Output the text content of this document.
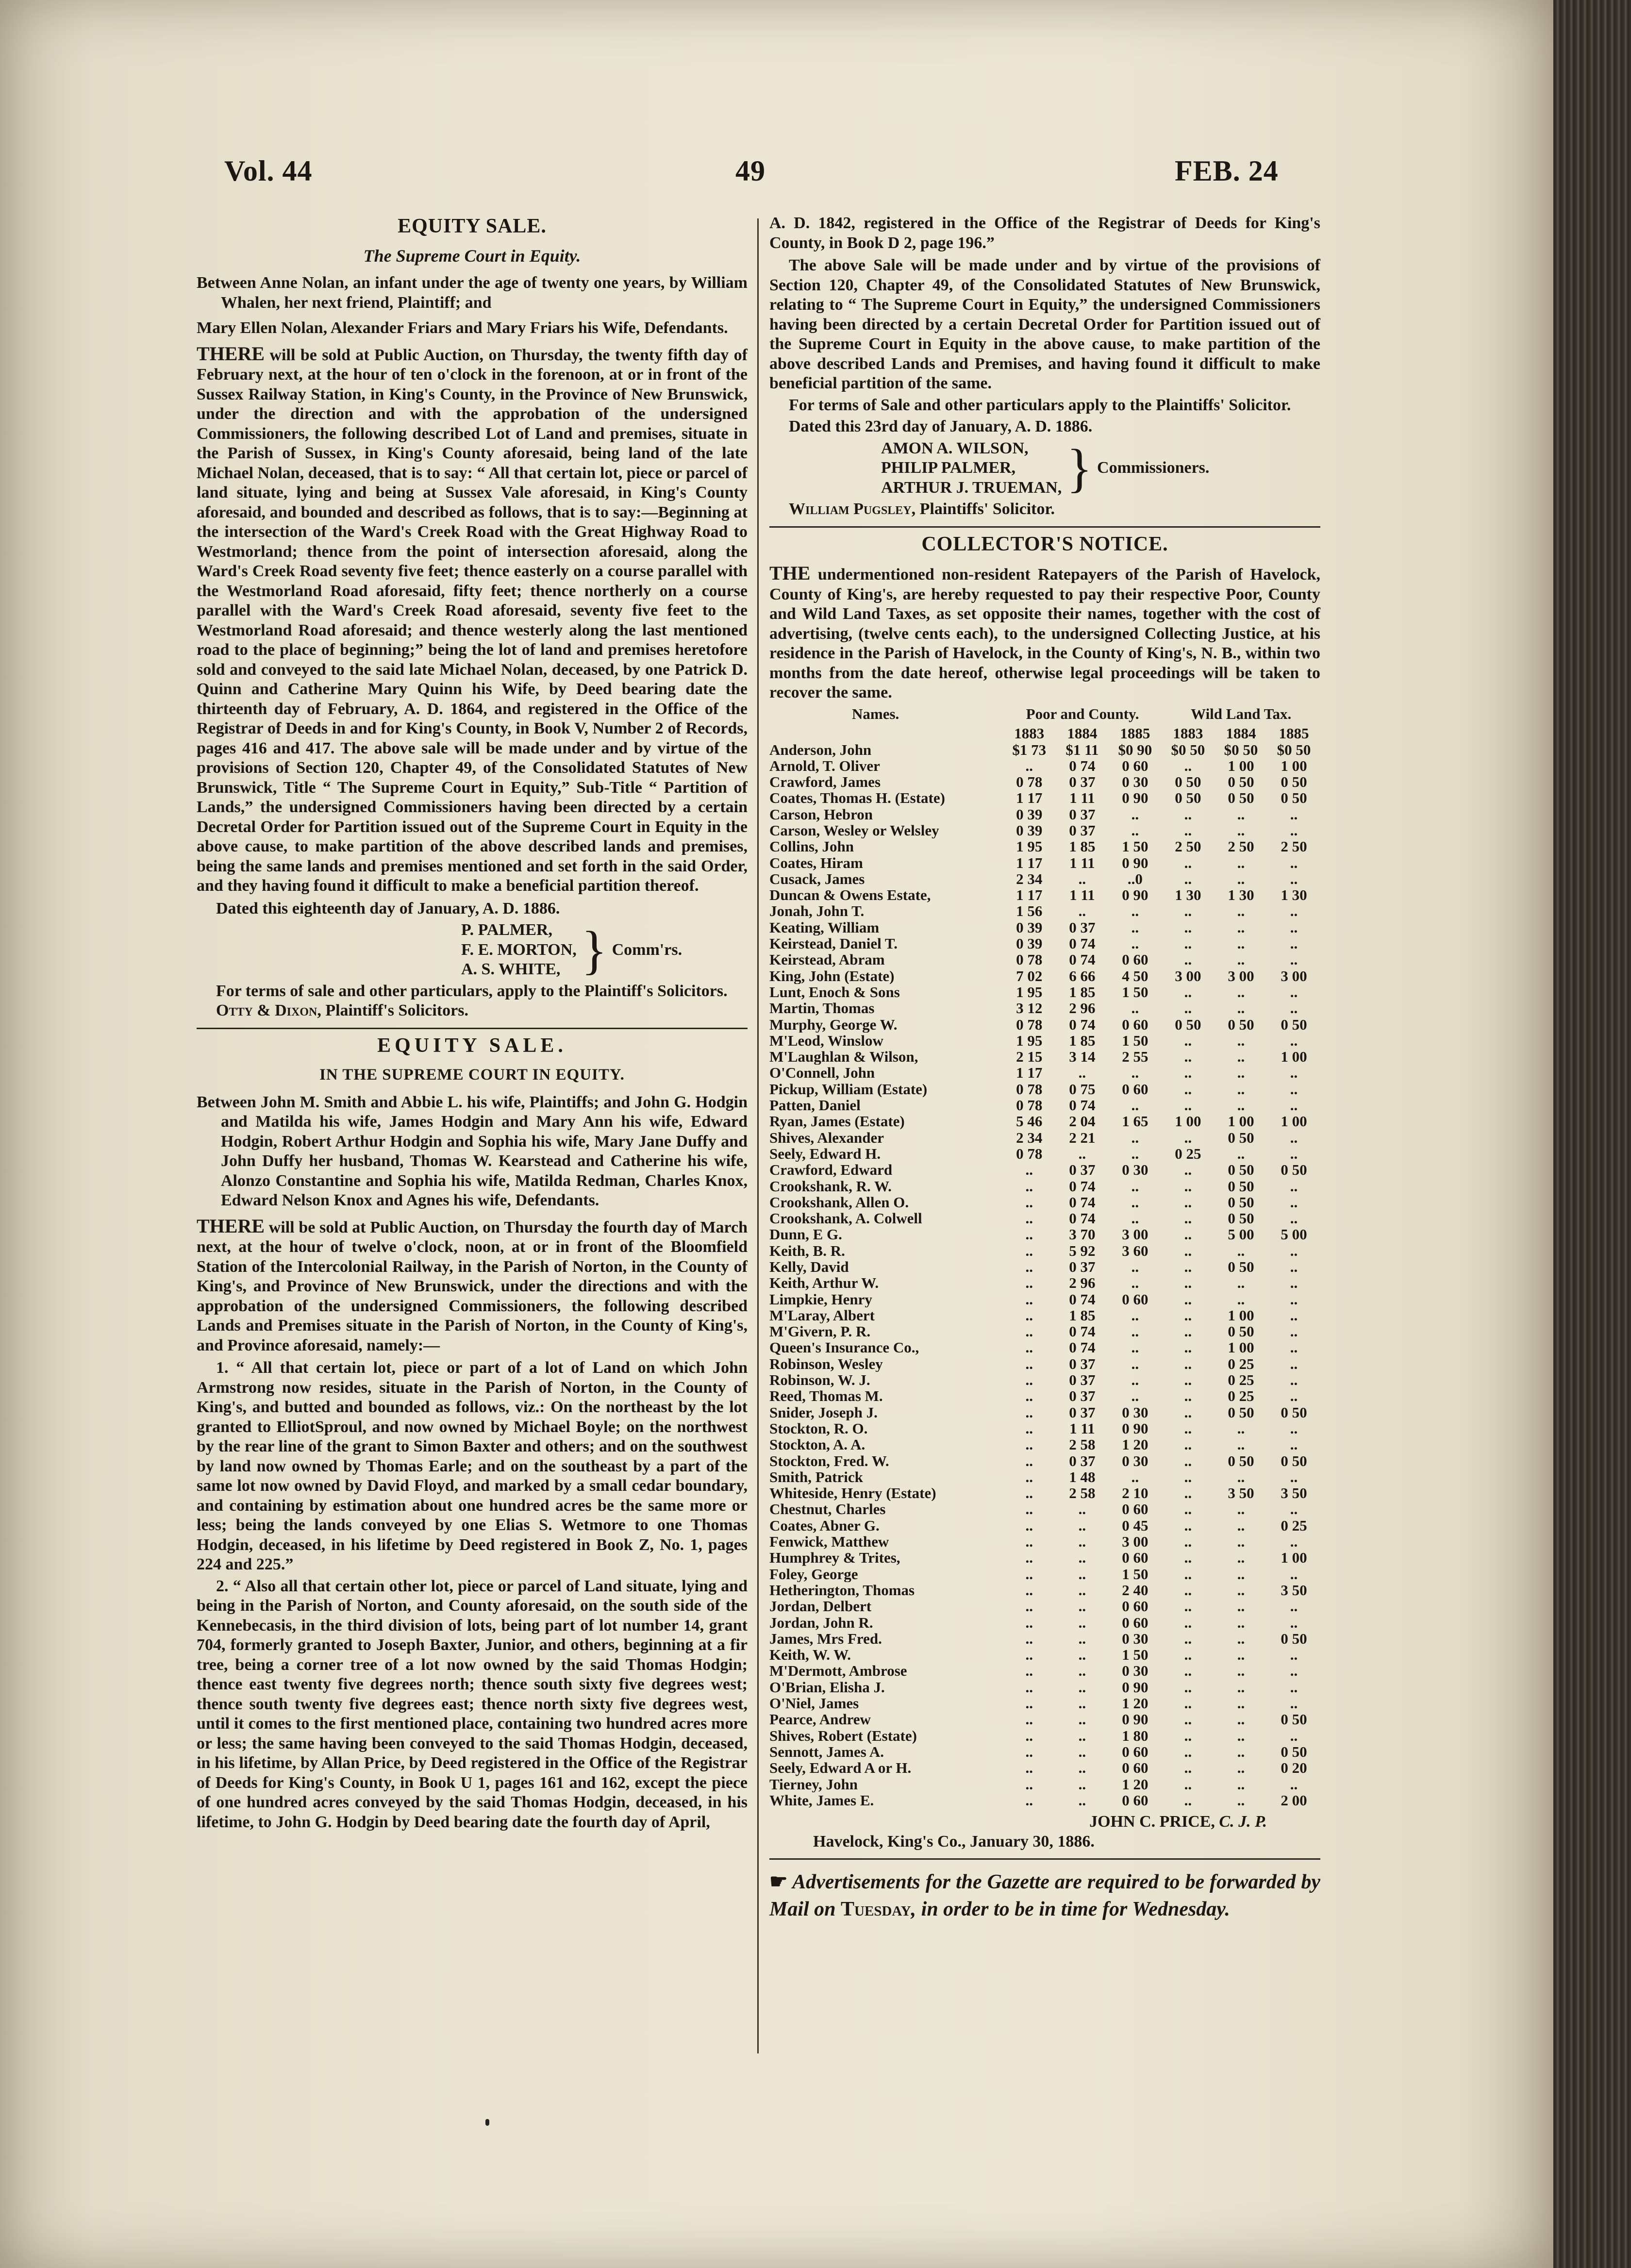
Vol. 44	49	FEB. 24
EQUITY SALE.
The Supreme Court in Equity.
Between Anne Nolan, an infant under the age of twenty one years, by William Whalen, her next friend, Plaintiff; and
Mary Ellen Nolan, Alexander Friars and Mary Friars his Wife, Defendants.
THERE will be sold at Public Auction, on Thursday, the twenty fifth day of February next, at the hour of ten o'clock in the forenoon, at or in front of the Sussex Railway Station, in King's County, in the Province of New Brunswick, under the direction and with the approbation of the undersigned Commissioners, the following described Lot of Land and premises, situate in the Parish of Sussex, in King's County aforesaid, being land of the late Michael Nolan, deceased, that is to say: “ All that certain lot, piece or parcel of land situate, lying and being at Sussex Vale aforesaid, in King's County aforesaid, and bounded and described as follows, that is to say:—Beginning at the intersection of the Ward's Creek Road with the Great Highway Road to Westmorland; thence from the point of intersection aforesaid, along the Ward's Creek Road seventy five feet; thence easterly on a course parallel with the Westmorland Road aforesaid, fifty feet; thence northerly on a course parallel with the Ward's Creek Road aforesaid, seventy five feet to the Westmorland Road aforesaid; and thence westerly along the last mentioned road to the place of beginning;” being the lot of land and premises heretofore sold and conveyed to the said late Michael Nolan, deceased, by one Patrick D. Quinn and Catherine Mary Quinn his Wife, by Deed bearing date the thirteenth day of February, A. D. 1864, and registered in the Office of the Registrar of Deeds in and for King's County, in Book V, Number 2 of Records, pages 416 and 417. The above sale will be made under and by virtue of the provisions of Section 120, Chapter 49, of the Consolidated Statutes of New Brunswick, Title “ The Supreme Court in Equity,” Sub-Title “ Partition of Lands,” the undersigned Commissioners having been directed by a certain Decretal Order for Partition issued out of the Supreme Court in Equity in the above cause, to make partition of the above described lands and premises, being the same lands and premises mentioned and set forth in the said Order, and they having found it difficult to make a beneficial partition thereof.
Dated this eighteenth day of January, A. D. 1886.
P. PALMER,
F. E. MORTON,
A. S. WHITE, } Comm'rs.
For terms of sale and other particulars, apply to the Plaintiff's Solicitors.
Otty & Dixon, Plaintiff's Solicitors.
EQUITY SALE.
IN THE SUPREME COURT IN EQUITY.
Between John M. Smith and Abbie L. his wife, Plaintiffs; and John G. Hodgin and Matilda his wife, James Hodgin and Mary Ann his wife, Edward Hodgin, Robert Arthur Hodgin and Sophia his wife, Mary Jane Duffy and John Duffy her husband, Thomas W. Kearstead and Catherine his wife, Alonzo Constantine and Sophia his wife, Matilda Redman, Charles Knox, Edward Nelson Knox and Agnes his wife, Defendants.
THERE will be sold at Public Auction, on Thursday the fourth day of March next, at the hour of twelve o'clock, noon, at or in front of the Bloomfield Station of the Intercolonial Railway, in the Parish of Norton, in the County of King's, and Province of New Brunswick, under the directions and with the approbation of the undersigned Commissioners, the following described Lands and Premises situate in the Parish of Norton, in the County of King's, and Province aforesaid, namely:—
1. “ All that certain lot, piece or part of a lot of Land on which John Armstrong now resides, situate in the Parish of Norton, in the County of King's, and butted and bounded as follows, viz.: On the northeast by the lot granted to ElliotSproul, and now owned by Michael Boyle; on the northwest by the rear line of the grant to Simon Baxter and others; and on the southwest by land now owned by Thomas Earle; and on the southeast by a part of the same lot now owned by David Floyd, and marked by a small cedar boundary, and containing by estimation about one hundred acres be the same more or less; being the lands conveyed by one Elias S. Wetmore to one Thomas Hodgin, deceased, in his lifetime by Deed registered in Book Z, No. 1, pages 224 and 225.”
2. “ Also all that certain other lot, piece or parcel of Land situate, lying and being in the Parish of Norton, and County aforesaid, on the south side of the Kennebecasis, in the third division of lots, being part of lot number 14, grant 704, formerly granted to Joseph Baxter, Junior, and others, beginning at a fir tree, being a corner tree of a lot now owned by the said Thomas Hodgin; thence east twenty five degrees north; thence south sixty five degrees west; thence south twenty five degrees east; thence north sixty five degrees west, until it comes to the first mentioned place, containing two hundred acres more or less; the same having been conveyed to the said Thomas Hodgin, deceased, in his lifetime, by Allan Price, by Deed registered in the Office of the Registrar of Deeds for King's County, in Book U 1, pages 161 and 162, except the piece of one hundred acres conveyed by the said Thomas Hodgin, deceased, in his lifetime, to John G. Hodgin by Deed bearing date the fourth day of April,
A. D. 1842, registered in the Office of the Registrar of Deeds for King's County, in Book D 2, page 196.”
The above Sale will be made under and by virtue of the provisions of Section 120, Chapter 49, of the Consolidated Statutes of New Brunswick, relating to “ The Supreme Court in Equity,” the undersigned Commissioners having been directed by a certain Decretal Order for Partition issued out of the Supreme Court in Equity in the above cause, to make partition of the above described Lands and Premises, and having found it difficult to make beneficial partition of the same.
For terms of Sale and other particulars apply to the Plaintiffs' Solicitor.
Dated this 23rd day of January, A. D. 1886.
AMON A. WILSON,
PHILIP PALMER,
ARTHUR J. TRUEMAN, } Commissioners.
William Pugsley, Plaintiffs' Solicitor.
COLLECTOR'S NOTICE.
THE undermentioned non-resident Ratepayers of the Parish of Havelock, County of King's, are hereby requested to pay their respective Poor, County and Wild Land Taxes, as set opposite their names, together with the cost of advertising, (twelve cents each), to the undersigned Collecting Justice, at his residence in the Parish of Havelock, in the County of King's, N. B., within two months from the date hereof, otherwise legal proceedings will be taken to recover the same.
Names.	Poor and County.	Wild Land Tax.
1883	1884	1885	1883	1884	1885
Anderson, John	$1 73	$1 11	$0 90	$0 50	$0 50	$0 50
Arnold, T. Oliver	..	0 74	0 60	..	1 00	1 00
Crawford, James	0 78	0 37	0 30	0 50	0 50	0 50
Coates, Thomas H. (Estate)	1 17	1 11	0 90	0 50	0 50	0 50
Carson, Hebron	0 39	0 37	..	..	..	..
Carson, Wesley or Welsley	0 39	0 37	..	..	..	..
Collins, John	1 95	1 85	1 50	2 50	2 50	2 50
Coates, Hiram	1 17	1 11	0 90	..	..	..
Cusack, James	2 34	..	..0	..	..	..
Duncan & Owens Estate,	1 17	1 11	0 90	1 30	1 30	1 30
Jonah, John T.	1 56	..	..	..	..	..
Keating, William	0 39	0 37	..	..	..	..
Keirstead, Daniel T.	0 39	0 74	..	..	..	..
Keirstead, Abram	0 78	0 74	0 60	..	..	..
King, John (Estate)	7 02	6 66	4 50	3 00	3 00	3 00
Lunt, Enoch & Sons	1 95	1 85	1 50	..	..	..
Martin, Thomas	3 12	2 96	..	..	..	..
Murphy, George W.	0 78	0 74	0 60	0 50	0 50	0 50
M'Leod, Winslow	1 95	1 85	1 50	..	..	..
M'Laughlan & Wilson,	2 15	3 14	2 55	..	..	1 00
O'Connell, John	1 17	..	..	..	..	..
Pickup, William (Estate)	0 78	0 75	0 60	..	..	..
Patten, Daniel	0 78	0 74	..	..	..	..
Ryan, James (Estate)	5 46	2 04	1 65	1 00	1 00	1 00
Shives, Alexander	2 34	2 21	..	..	0 50	..
Seely, Edward H.	0 78	..	..	0 25	..	..
Crawford, Edward	..	0 37	0 30	..	0 50	0 50
Crookshank, R. W.	..	0 74	..	..	0 50	..
Crookshank, Allen O.	..	0 74	..	..	0 50	..
Crookshank, A. Colwell	..	0 74	..	..	0 50	..
Dunn, E G.	..	3 70	3 00	..	5 00	5 00
Keith, B. R.	..	5 92	3 60	..	..	..
Kelly, David	..	0 37	..	..	0 50	..
Keith, Arthur W.	..	2 96	..	..	..	..
Limpkie, Henry	..	0 74	0 60	..	..	..
M'Laray, Albert	..	1 85	..	..	1 00	..
M'Givern, P. R.	..	0 74	..	..	0 50	..
Queen's Insurance Co.,	..	0 74	..	..	1 00	..
Robinson, Wesley	..	0 37	..	..	0 25	..
Robinson, W. J.	..	0 37	..	..	0 25	..
Reed, Thomas M.	..	0 37	..	..	0 25	..
Snider, Joseph J.	..	0 37	0 30	..	0 50	0 50
Stockton, R. O.	..	1 11	0 90	..	..	..
Stockton, A. A.	..	2 58	1 20	..	..	..
Stockton, Fred. W.	..	0 37	0 30	..	0 50	0 50
Smith, Patrick	..	1 48	..	..	..	..
Whiteside, Henry (Estate)	..	2 58	2 10	..	3 50	3 50
Chestnut, Charles	..	..	0 60	..	..	..
Coates, Abner G.	..	..	0 45	..	..	0 25
Fenwick, Matthew	..	..	3 00	..	..	..
Humphrey & Trites,	..	..	0 60	..	..	1 00
Foley, George	..	..	1 50	..	..	..
Hetherington, Thomas	..	..	2 40	..	..	3 50
Jordan, Delbert	..	..	0 60	..	..	..
Jordan, John R.	..	..	0 60	..	..	..
James, Mrs Fred.	..	..	0 30	..	..	0 50
Keith, W. W.	..	..	1 50	..	..	..
M'Dermott, Ambrose	..	..	0 30	..	..	..
O'Brian, Elisha J.	..	..	0 90	..	..	..
O'Niel, James	..	..	1 20	..	..	..
Pearce, Andrew	..	..	0 90	..	..	0 50
Shives, Robert (Estate)	..	..	1 80	..	..	..
Sennott, James A.	..	..	0 60	..	..	0 50
Seely, Edward A or H.	..	..	0 60	..	..	0 20
Tierney, John	..	..	1 20	..	..	..
White, James E.	..	..	0 60	..	..	2 00
JOHN C. PRICE, C. J. P.
Havelock, King's Co., January 30, 1886.
☛ Advertisements for the Gazette are required to be forwarded by Mail on Tuesday, in order to be in time for Wednesday.
